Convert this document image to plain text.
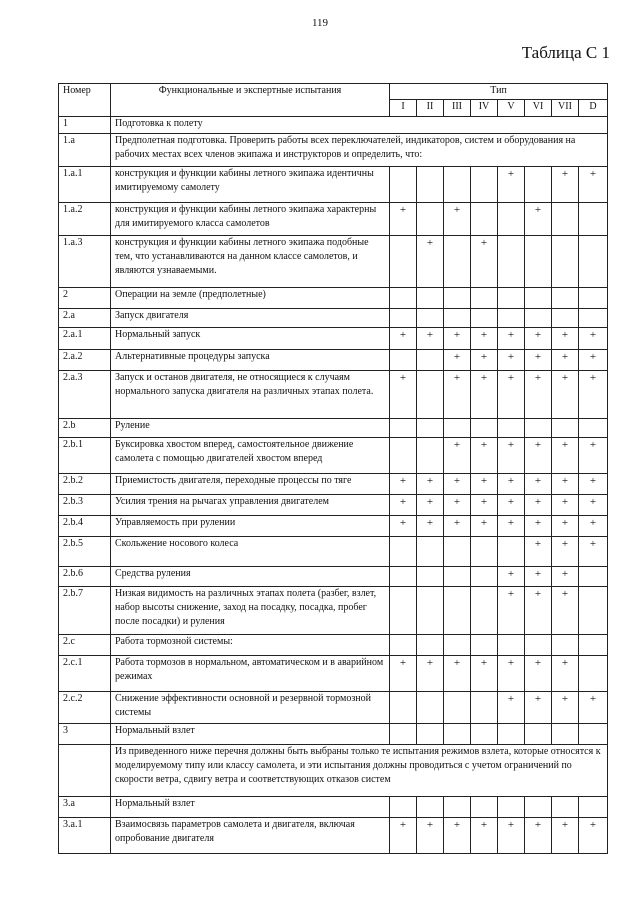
119
Таблица С 1
Номер	Функциональные и экспертные испытания	Тип							
		I	II	III	IV	V	VI	VII	D
1	Подготовка к полету								
1.a	Предполетная подготовка. Проверить работы всех переключателей, индикаторов, систем и оборудования на рабочих местах всех членов экипажа и инструкторов и определить, что:								
1.a.1	конструкция и функции кабины летного экипажа идентичны имитируемому самолету					+		+	+
1.a.2	конструкция и функции кабины летного экипажа характерны для имитируемого класса самолетов	+		+			+		
1.a.3	конструкция и функции кабины летного экипажа подобные тем, что устанавливаются на данном классе самолетов, и являются узнаваемыми.		+		+				
2	Операции на земле (предполетные)								
2.a	Запуск двигателя								
2.a.1	Нормальный запуск	+	+	+	+	+	+	+	+
2.a.2	Альтернативные процедуры запуска			+	+	+	+	+	+
2.a.3	Запуск и останов двигателя, не относящиеся к случаям нормального запуска двигателя на различных этапах полета.	+		+	+	+	+	+	+
2.b	Руление								
2.b.1	Буксировка хвостом вперед, самостоятельное движение самолета с помощью двигателей хвостом вперед			+	+	+	+	+	+
2.b.2	Приемистость двигателя, переходные процессы по тяге	+	+	+	+	+	+	+	+
2.b.3	Усилия трения на рычагах управления двигателем	+	+	+	+	+	+	+	+
2.b.4	Управляемость при рулении	+	+	+	+	+	+	+	+
2.b.5	Скольжение носового колеса						+	+	+
2.b.6	Средства руления					+	+	+	
2.b.7	Низкая видимость на различных этапах полета (разбег, взлет, набор высоты снижение, заход на посадку, посадка, пробег после посадки) и руления					+	+	+	
2.c	Работа тормозной системы:								
2.c.1	Работа тормозов в нормальном, автоматическом и в аварийном режимах	+	+	+	+	+	+	+	
2.c.2	Снижение эффективности основной и резервной тормозной системы					+	+	+	+
3	Нормальный взлет								
	Из приведенного ниже перечня должны быть выбраны только те испытания режимов взлета, которые относятся к моделируемому типу или классу самолета, и эти испытания должны проводиться с учетом ограничений по скорости ветра, сдвигу ветра и соответствующих отказов систем								
3.a	Нормальный взлет								
3.a.1	Взаимосвязь параметров самолета и двигателя, включая опробование двигателя	+	+	+	+	+	+	+	+
